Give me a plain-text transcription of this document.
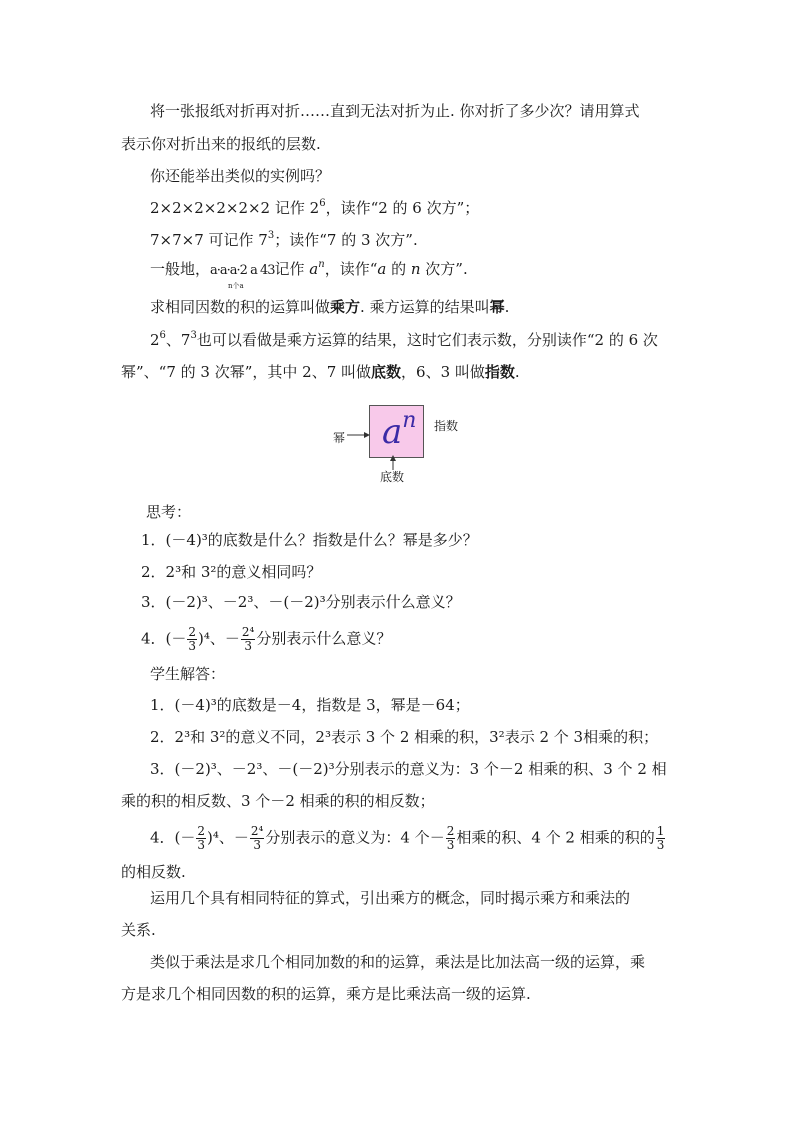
将一张报纸对折再对折……直到无法对折为止. 你对折了多少次？请用算式
表示你对折出来的报纸的层数.
你还能举出类似的实例吗？
2×2×2×2×2×2 记作 $2^6$，读作“2 的 6 次方”；
7×7×7 可记作 $7^3$；读作“7 的 3 次方”.
一般地，a·a·a·2 a 43
n个a
记作 $a^n$，读作“a 的 n 次方”.
求相同因数的积的运算叫做乘方. 乘方运算的结果叫幂.
$2^6$、$7^3$也可以看做是乘方运算的结果，这时它们表示数，分别读作“2 的 6 次
幂”、“7 的 3 次幂”，其中 2、7 叫做底数，6、3 叫做指数.
$a^n$
幂
指数
底数
思考：
1．(－4)³的底数是什么？指数是什么？幂是多少？
2．2³和 3²的意义相同吗？
3．(－2)³、－2³、－(－2)³分别表示什么意义？
4．(－ $\frac{2}{3} )^4$、－ $\frac{\text{2⁴}}{3}$ 分别表示什么意义？
学生解答：
1．(－4)³的底数是－4，指数是 3，幂是－64；
2．2³和 3²的意义不同，2³表示 3 个 2 相乘的积，3²表示 2 个 3相乘的积；
3．(－2)³、－2³、－(－2)³分别表示的意义为：3 个－2 相乘的积、3 个 2 相
乘的积的相反数、3 个－2 相乘的积的相反数；
4．(－ $\frac{2}{3} )^4$、－ $\frac{\text{2⁴}}{3}$ 分别表示的意义为：4 个－ $\frac{2}{3}$ 相乘的积、4 个 2 相乘的积的 $\frac{1}{3}$
的相反数.
运用几个具有相同特征的算式，引出乘方的概念，同时揭示乘方和乘法的
关系.
类似于乘法是求几个相同加数的和的运算，乘法是比加法高一级的运算，乘
方是求几个相同因数的积的运算，乘方是比乘法高一级的运算.
